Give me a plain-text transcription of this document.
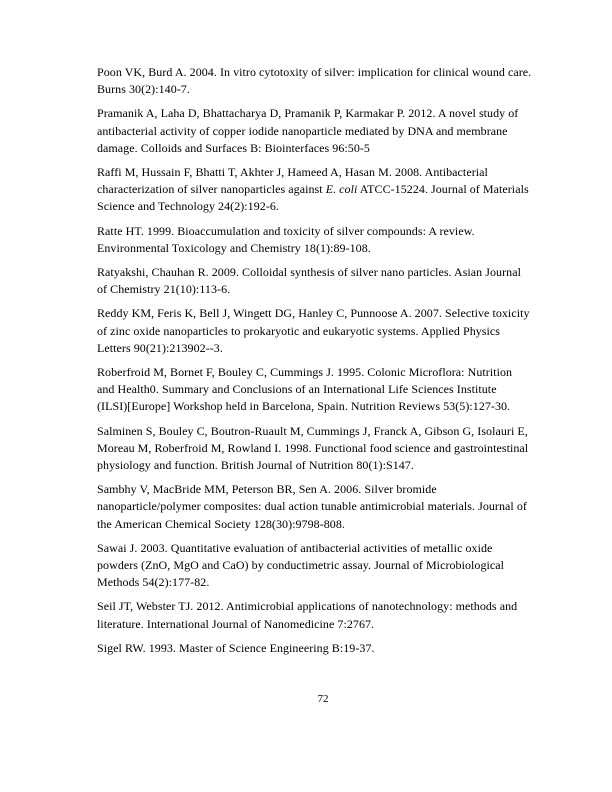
Poon VK, Burd A. 2004. In vitro cytotoxity of silver: implication for clinical wound care.
Burns 30(2):140-7.

Pramanik A, Laha D, Bhattacharya D, Pramanik P, Karmakar P. 2012. A novel study of
antibacterial activity of copper iodide nanoparticle mediated by DNA and membrane
damage. Colloids and Surfaces B: Biointerfaces 96:50-5

Raffi M, Hussain F, Bhatti T, Akhter J, Hameed A, Hasan M. 2008. Antibacterial
characterization of silver nanoparticles against E. coli ATCC-15224. Journal of Materials
Science and Technology 24(2):192-6.

Ratte HT. 1999. Bioaccumulation and toxicity of silver compounds: A review.
Environmental Toxicology and Chemistry 18(1):89-108.

Ratyakshi, Chauhan R. 2009. Colloidal synthesis of silver nano particles. Asian Journal
of Chemistry 21(10):113-6.

Reddy KM, Feris K, Bell J, Wingett DG, Hanley C, Punnoose A. 2007. Selective toxicity
of zinc oxide nanoparticles to prokaryotic and eukaryotic systems. Applied Physics
Letters 90(21):213902--3.

Roberfroid M, Bornet F, Bouley C, Cummings J. 1995. Colonic Microflora: Nutrition
and Health0. Summary and Conclusions of an International Life Sciences Institute
(ILSI)[Europe] Workshop held in Barcelona, Spain. Nutrition Reviews 53(5):127-30.

Salminen S, Bouley C, Boutron-Ruault M, Cummings J, Franck A, Gibson G, Isolauri E,
Moreau M, Roberfroid M, Rowland I. 1998. Functional food science and gastrointestinal
physiology and function. British Journal of Nutrition 80(1):S147.

Sambhy V, MacBride MM, Peterson BR, Sen A. 2006. Silver bromide
nanoparticle/polymer composites: dual action tunable antimicrobial materials. Journal of
the American Chemical Society 128(30):9798-808.

Sawai J. 2003. Quantitative evaluation of antibacterial activities of metallic oxide
powders (ZnO, MgO and CaO) by conductimetric assay. Journal of Microbiological
Methods 54(2):177-82.

Seil JT, Webster TJ. 2012. Antimicrobial applications of nanotechnology: methods and
literature. International Journal of Nanomedicine 7:2767.

Sigel RW. 1993. Master of Science Engineering B:19-37.

72
